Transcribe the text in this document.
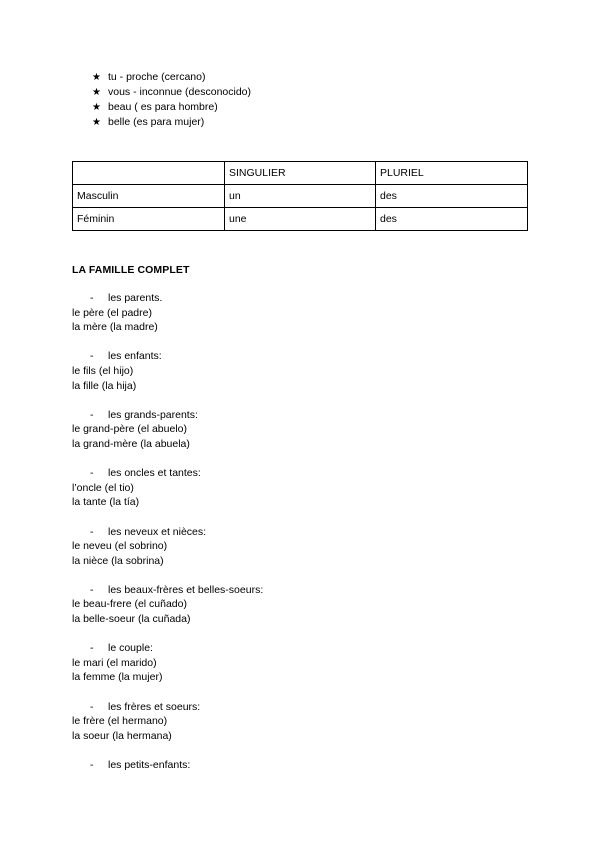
★ tu - proche (cercano)
★ vous - inconnue (desconocido)
★ beau ( es para hombre)
★ belle (es para mujer)
	SINGULIER	PLURIEL
Masculin	un	des
Féminin	une	des
LA FAMILLE COMPLET
- les parents.
le père (el padre)
la mère (la madre)
- les enfants:
le fils (el hijo)
la fille (la hija)
- les grands-parents:
le grand-père (el abuelo)
la grand-mère (la abuela)
- les oncles et tantes:
l’oncle (el tio)
la tante (la tía)
- les neveux et nièces:
le neveu (el sobrino)
la nièce (la sobrina)
- les beaux-frères et belles-soeurs:
le beau-frere (el cuñado)
la belle-soeur (la cuñada)
- le couple:
le mari (el marido)
la femme (la mujer)
- les frères et soeurs:
le frère (el hermano)
la soeur (la hermana)
- les petits-enfants:
